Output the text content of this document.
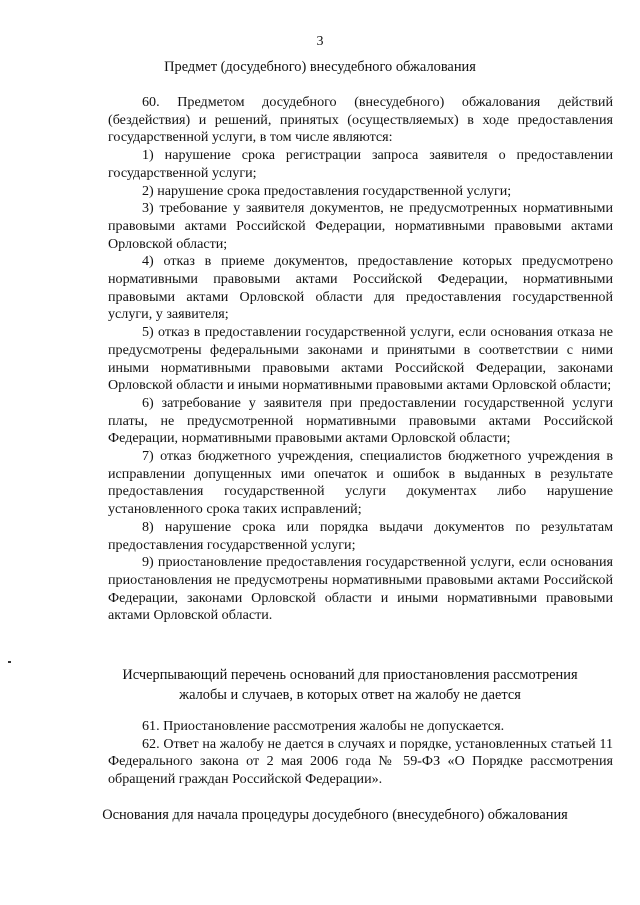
3
Предмет (досудебного) внесудебного обжалования

60. Предметом досудебного (внесудебного) обжалования действий (бездействия) и решений, принятых (осуществляемых) в ходе предоставления государственной услуги, в том числе являются:

1) нарушение срока регистрации запроса заявителя о предоставлении государственной услуги;

2) нарушение срока предоставления государственной услуги;

3) требование у заявителя документов, не предусмотренных нормативными правовыми актами Российской Федерации, нормативными правовыми актами Орловской области;

4) отказ в приеме документов, предоставление которых предусмотрено нормативными правовыми актами Российской Федерации, нормативными правовыми актами Орловской области для предоставления государственной услуги, у заявителя;

5) отказ в предоставлении государственной услуги, если основания отказа не предусмотрены федеральными законами и принятыми в соответствии с ними иными нормативными правовыми актами Российской Федерации, законами Орловской области и иными нормативными правовыми актами Орловской области;

6) затребование у заявителя при предоставлении государственной услуги платы, не предусмотренной нормативными правовыми актами Российской Федерации, нормативными правовыми актами Орловской области;

7) отказ бюджетного учреждения, специалистов бюджетного учреждения в исправлении допущенных ими опечаток и ошибок в выданных в результате предоставления государственной услуги документах либо нарушение установленного срока таких исправлений;

8) нарушение срока или порядка выдачи документов по результатам предоставления государственной услуги;

9) приостановление предоставления государственной услуги, если основания приостановления не предусмотрены нормативными правовыми актами Российской Федерации, законами Орловской области и иными нормативными правовыми актами Орловской области.

Исчерпывающий перечень оснований для приостановления рассмотрения жалобы и случаев, в которых ответ на жалобу не дается

61. Приостановление рассмотрения жалобы не допускается.

62. Ответ на жалобу не дается в случаях и порядке, установленных статьей 11 Федерального закона от 2 мая 2006 года № 59-ФЗ «О Порядке рассмотрения обращений граждан Российской Федерации».

Основания для начала процедуры досудебного (внесудебного) обжалования
